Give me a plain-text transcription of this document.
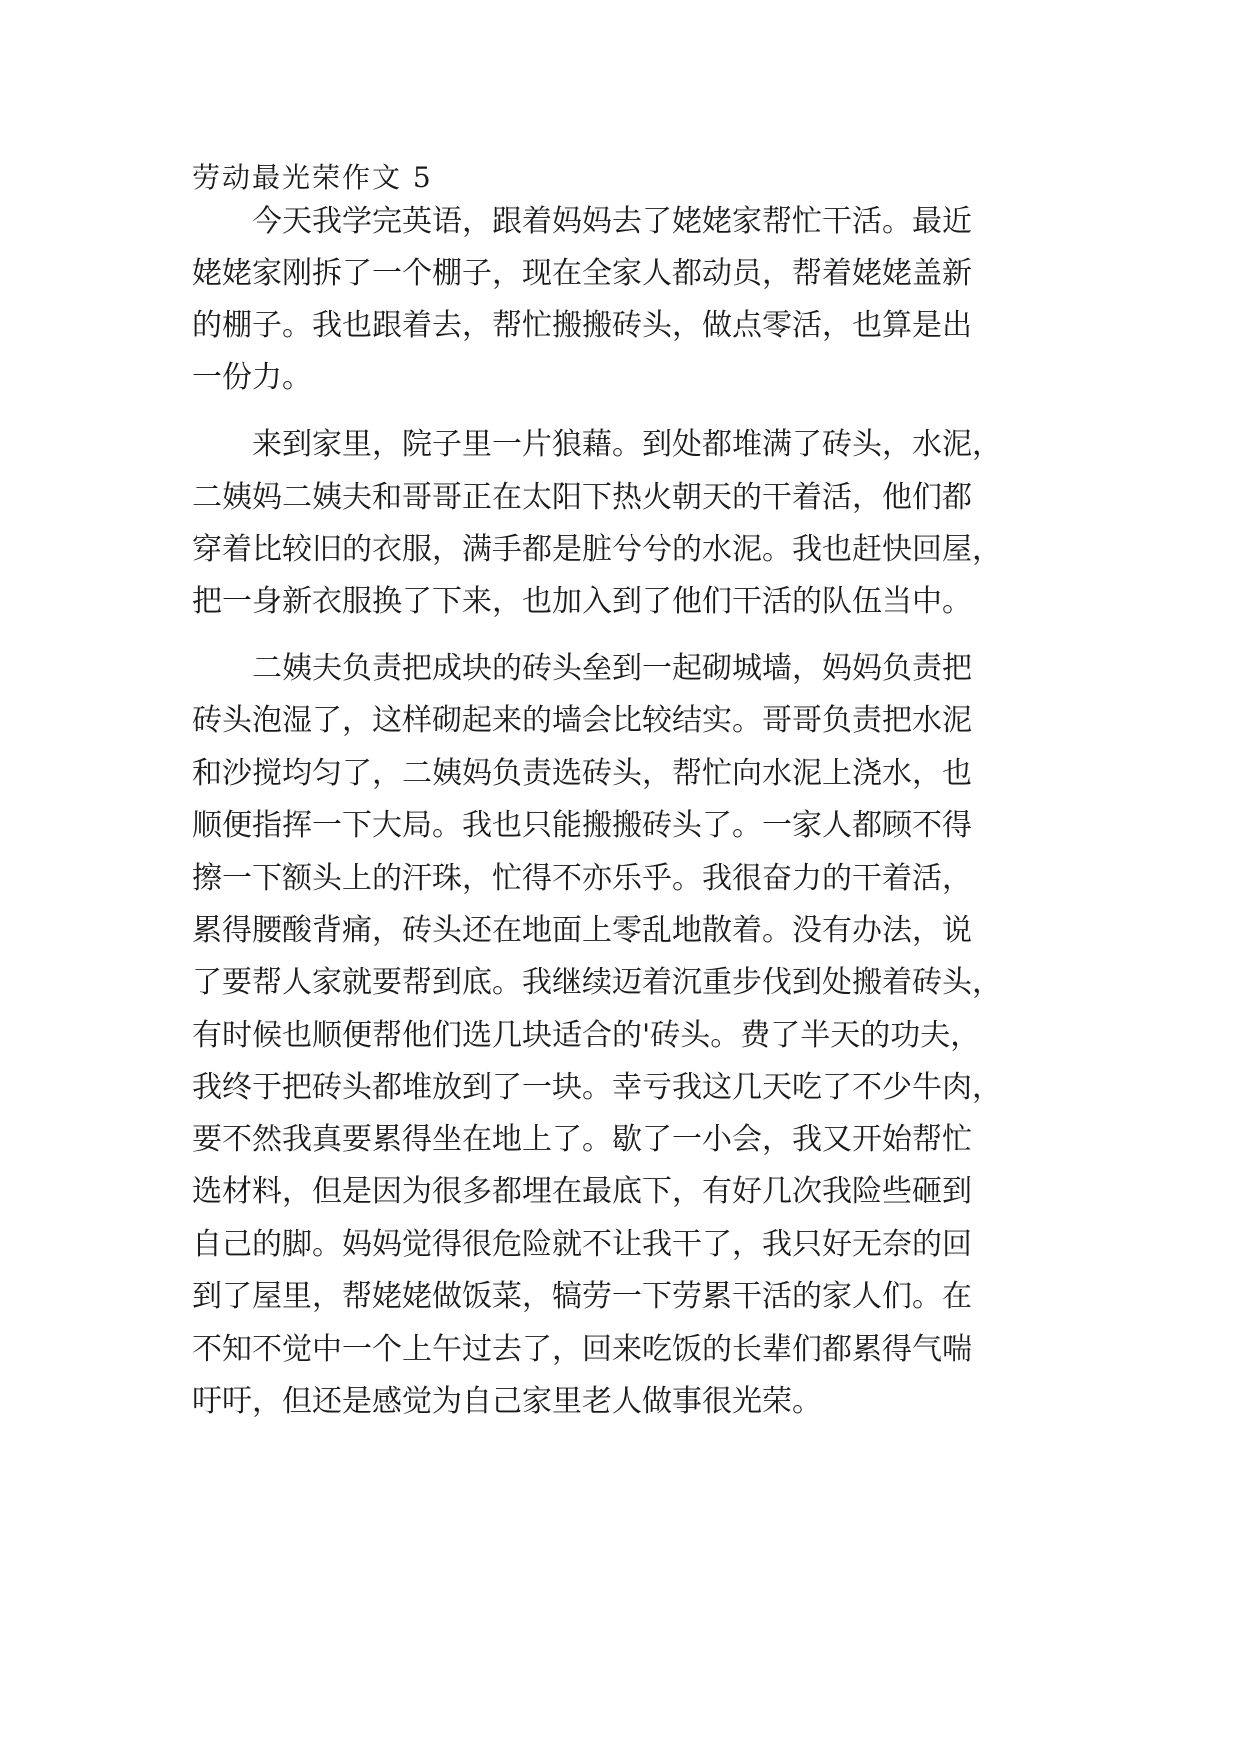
劳动最光荣作文 5
　　今天我学完英语，跟着妈妈去了姥姥家帮忙干活。最近
姥姥家刚拆了一个棚子，现在全家人都动员，帮着姥姥盖新
的棚子。我也跟着去，帮忙搬搬砖头，做点零活，也算是出
一份力。
　　来到家里，院子里一片狼藉。到处都堆满了砖头，水泥，
二姨妈二姨夫和哥哥正在太阳下热火朝天的干着活，他们都
穿着比较旧的衣服，满手都是脏兮兮的水泥。我也赶快回屋，
把一身新衣服换了下来，也加入到了他们干活的队伍当中。
　　二姨夫负责把成块的砖头垒到一起砌城墙，妈妈负责把
砖头泡湿了，这样砌起来的墙会比较结实。哥哥负责把水泥
和沙搅均匀了，二姨妈负责选砖头，帮忙向水泥上浇水，也
顺便指挥一下大局。我也只能搬搬砖头了。一家人都顾不得
擦一下额头上的汗珠，忙得不亦乐乎。我很奋力的干着活，
累得腰酸背痛，砖头还在地面上零乱地散着。没有办法，说
了要帮人家就要帮到底。我继续迈着沉重步伐到处搬着砖头，
有时候也顺便帮他们选几块适合的'砖头。费了半天的功夫，
我终于把砖头都堆放到了一块。幸亏我这几天吃了不少牛肉，
要不然我真要累得坐在地上了。歇了一小会，我又开始帮忙
选材料，但是因为很多都埋在最底下，有好几次我险些砸到
自己的脚。妈妈觉得很危险就不让我干了，我只好无奈的回
到了屋里，帮姥姥做饭菜，犒劳一下劳累干活的家人们。在
不知不觉中一个上午过去了，回来吃饭的长辈们都累得气喘
吁吁，但还是感觉为自己家里老人做事很光荣。
